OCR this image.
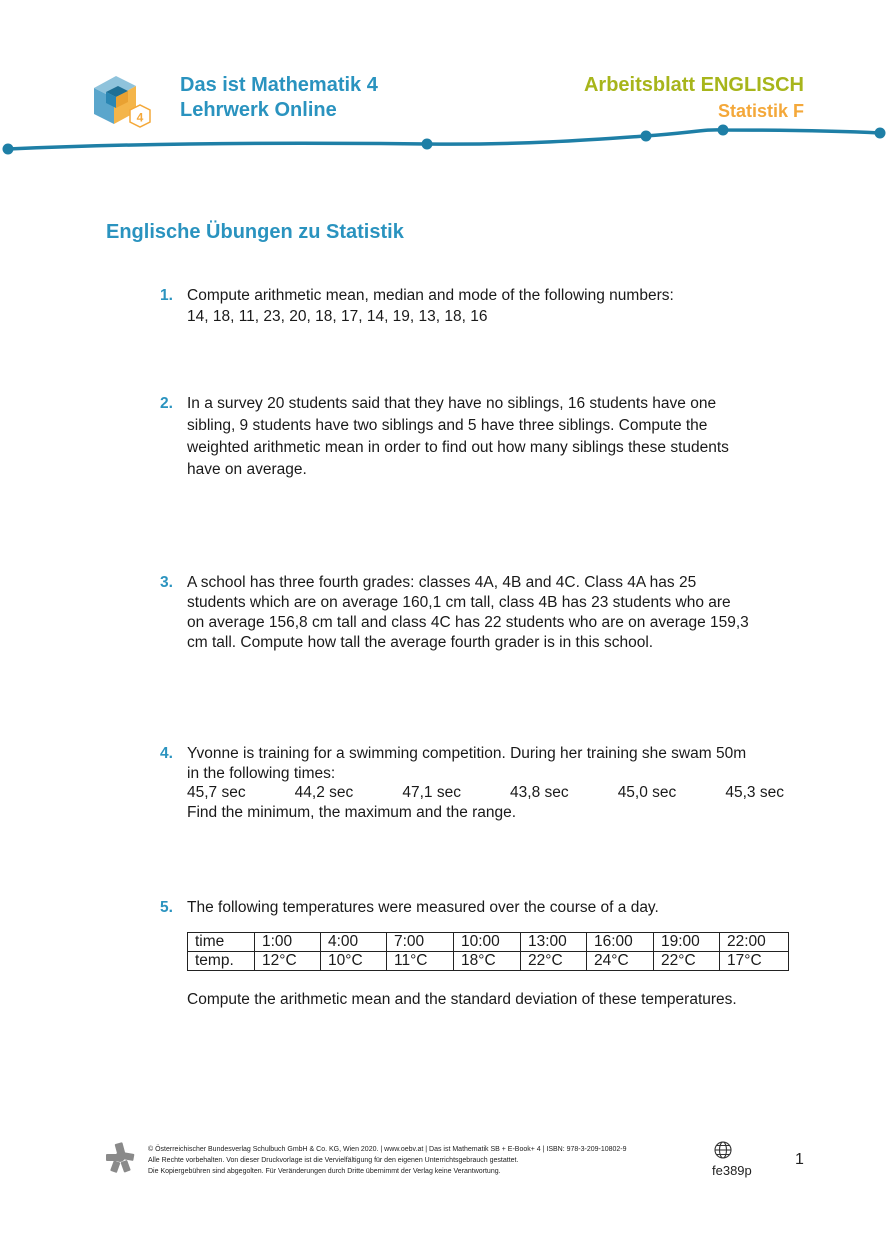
4
Das ist Mathematik 4
Lehrwerk Online
Arbeitsblatt ENGLISCH
Statistik F
Englische Übungen zu Statistik
1. Compute arithmetic mean, median and mode of the following numbers:
14, 18, 11, 23, 20, 18, 17, 14, 19, 13, 18, 16
2. In a survey 20 students said that they have no siblings, 16 students have one
sibling, 9 students have two siblings and 5 have three siblings. Compute the
weighted arithmetic mean in order to find out how many siblings these students
have on average.
3. A school has three fourth grades: classes 4A, 4B and 4C. Class 4A has 25
students which are on average 160,1 cm tall, class 4B has 23 students who are
on average 156,8 cm tall and class 4C has 22 students who are on average 159,3
cm tall. Compute how tall the average fourth grader is in this school.
4. Yvonne is training for a swimming competition. During her training she swam 50m
in the following times:
45,7 sec	44,2 sec	47,1 sec	43,8 sec	45,0 sec	45,3 sec
Find the minimum, the maximum and the range.
5. The following temperatures were measured over the course of a day.
time	1:00	4:00	7:00	10:00	13:00	16:00	19:00	22:00
temp.	12°C	10°C	11°C	18°C	22°C	24°C	22°C	17°C
Compute the arithmetic mean and the standard deviation of these temperatures.
© Österreichischer Bundesverlag Schulbuch GmbH & Co. KG, Wien 2020. | www.oebv.at | Das ist Mathematik SB + E-Book+ 4 | ISBN: 978-3-209-10802-9
Alle Rechte vorbehalten. Von dieser Druckvorlage ist die Vervielfältigung für den eigenen Unterrichtsgebrauch gestattet.
Die Kopiergebühren sind abgegolten. Für Veränderungen durch Dritte übernimmt der Verlag keine Verantwortung.	fe389p
1
